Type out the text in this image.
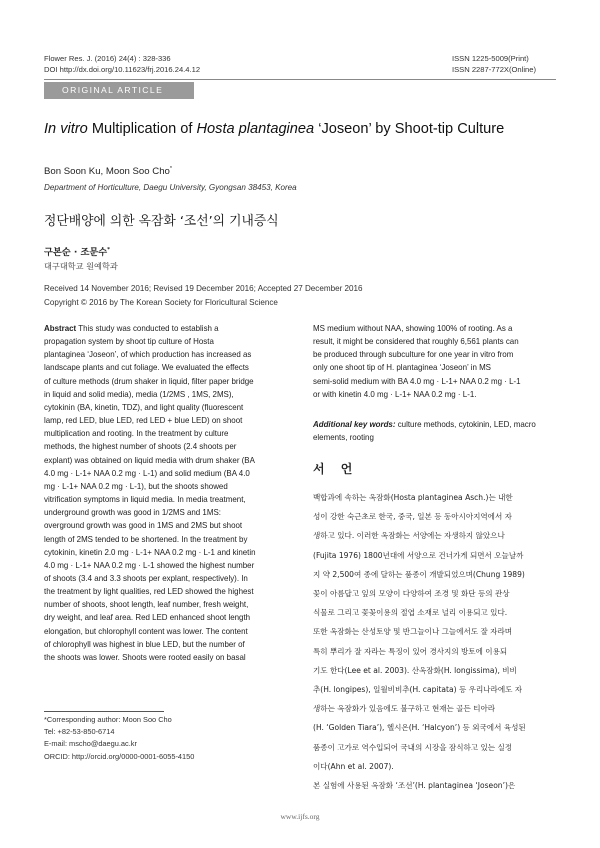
Flower Res. J. (2016) 24(4) : 328-336
DOI http://dx.doi.org/10.11623/frj.2016.24.4.12
ISSN 1225-5009(Print)
ISSN 2287-772X(Online)
ORIGINAL ARTICLE
In vitro Multiplication of Hosta plantaginea ‘Joseon’ by Shoot-tip Culture
Bon Soon Ku, Moon Soo Cho*
Department of Horticulture, Daegu University, Gyongsan 38453, Korea
정단배양에 의한 옥잠화 ‘조선’의 기내증식
구본순 · 조문수*
대구대학교 원예학과
Received 14 November 2016; Revised 19 December 2016; Accepted 27 December 2016
Copyright © 2016 by The Korean Society for Floricultural Science
Abstract This study was conducted to establish a
propagation system by shoot tip culture of Hosta
plantaginea ‘Joseon’, of which production has increased as
landscape plants and cut foliage. We evaluated the effects
of culture methods (drum shaker in liquid, filter paper bridge
in liquid and solid media), media (1/2MS , 1MS, 2MS),
cytokinin (BA, kinetin, TDZ), and light quality (fluorescent
lamp, red LED, blue LED, red LED + blue LED) on shoot
multiplication and rooting. In the treatment by culture
methods, the highest number of shoots (2.4 shoots per
explant) was obtained on liquid media with drum shaker (BA
4.0 mg · L-1+ NAA 0.2 mg · L-1) and solid medium (BA 4.0
mg · L-1+ NAA 0.2 mg · L-1), but the shoots showed
vitrification symptoms in liquid media. In media treatment,
underground growth was good in 1/2MS and 1MS:
overground growth was good in 1MS and 2MS but shoot
length of 2MS tended to be shortened. In the treatment by
cytokinin, kinetin 2.0 mg · L-1+ NAA 0.2 mg · L-1 and kinetin
4.0 mg · L-1+ NAA 0.2 mg · L-1 showed the highest number
of shoots (3.4 and 3.3 shoots per explant, respectively). In
the treatment by light qualities, red LED showed the highest
number of shoots, shoot length, leaf number, fresh weight,
dry weight, and leaf area. Red LED enhanced shoot length
elongation, but chlorophyll content was lower. The content
of chlorophyll was highest in blue LED, but the number of
the shoots was lower. Shoots were rooted easily on basal
MS medium without NAA, showing 100% of rooting. As a
result, it might be considered that roughly 6,561 plants can
be produced through subculture for one year in vitro from
only one shoot tip of H. plantaginea ‘Joseon’ in MS
semi-solid medium with BA 4.0 mg · L-1+ NAA 0.2 mg · L-1
or with kinetin 4.0 mg · L-1+ NAA 0.2 mg · L-1.
Additional key words: culture methods, cytokinin, LED, macro elements, rooting
서 언
백합과에 속하는 옥잠화(Hosta plantaginea Asch.)는 내한
성이 강한 숙근초로 한국, 중국, 일본 등 동아시아지역에서 자
생하고 있다. 이러한 옥잠화는 서양에는 자생하지 않았으나
(Fujita 1976) 1800년대에 서양으로 건너가게 되면서 오늘날까
지 약 2,500여 종에 달하는 품종이 개발되었으며(Chung 1989)
꽃이 아름답고 잎의 모양이 다양하여 조경 및 화단 등의 관상
식물로 그리고 꽃꽂이용의 절엽 소재로 널리 이용되고 있다.
또한 옥잠화는 산성토양 및 반그늘이나 그늘에서도 잘 자라며
특히 뿌리가 잘 자라는 특징이 있어 경사지의 방토에 이용되
기도 한다(Lee et al. 2003). 산옥잠화(H. longissima), 비비
추(H. longipes), 일월비비추(H. capitata) 등 우리나라에도 자
생하는 옥잠화가 있음에도 불구하고 현재는 골든 티아라
(H. ‘Golden Tiara’), 헬시온(H. ‘Halcyon’) 등 외국에서 육성된
품종이 고가로 역수입되어 국내의 시장을 잠식하고 있는 실정
이다(Ahn et al. 2007).
본 실험에 사용된 옥잠화 ‘조선’(H. plantaginea ‘Joseon’)은
*Corresponding author: Moon Soo Cho
Tel: +82-53-850-6714
E-mail: mscho@daegu.ac.kr
ORCID: http://orcid.org/0000-0001-6055-4150
www.ijfs.org
